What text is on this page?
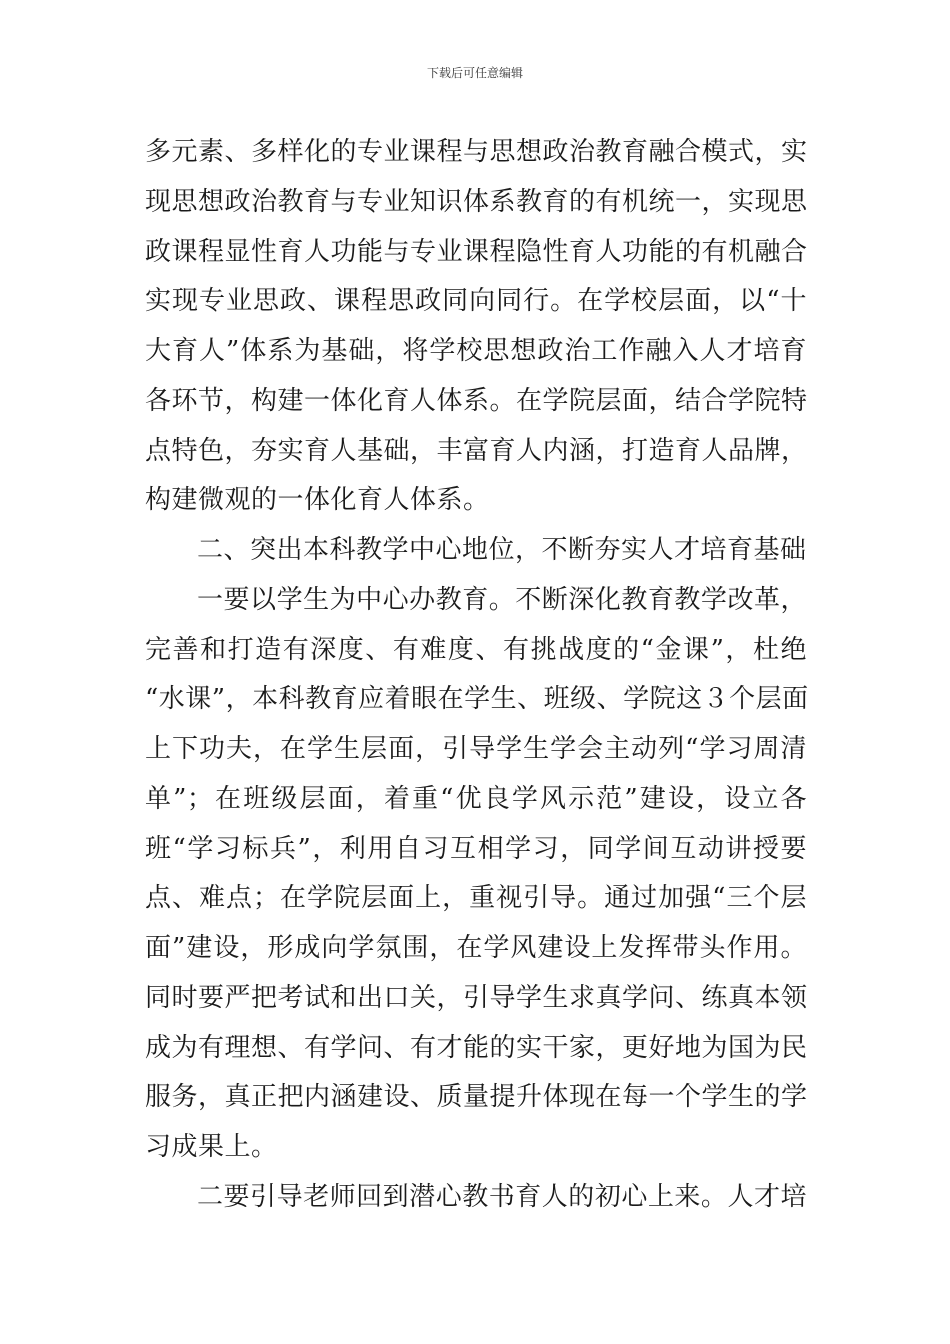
下载后可任意编辑
多元素、多样化的专业课程与思想政治教育融合模式，实
现思想政治教育与专业知识体系教育的有机统一，实现思
政课程显性育人功能与专业课程隐性育人功能的有机融合
实现专业思政、课程思政同向同行。在学校层面，以“十
大育人”体系为基础，将学校思想政治工作融入人才培育
各环节，构建一体化育人体系。在学院层面，结合学院特
点特色，夯实育人基础，丰富育人内涵，打造育人品牌，
构建微观的一体化育人体系。
二、突出本科教学中心地位，不断夯实人才培育基础
一要以学生为中心办教育。不断深化教育教学改革，
完善和打造有深度、有难度、有挑战度的“金课”，杜绝
“水课”，本科教育应着眼在学生、班级、学院这３个层面
上下功夫，在学生层面，引导学生学会主动列“学习周清
单”；在班级层面，着重“优良学风示范”建设，设立各
班“学习标兵”，利用自习互相学习，同学间互动讲授要
点、难点；在学院层面上，重视引导。通过加强“三个层
面”建设，形成向学氛围，在学风建设上发挥带头作用。
同时要严把考试和出口关，引导学生求真学问、练真本领
成为有理想、有学问、有才能的实干家，更好地为国为民
服务，真正把内涵建设、质量提升体现在每一个学生的学
习成果上。
二要引导老师回到潜心教书育人的初心上来。人才培
